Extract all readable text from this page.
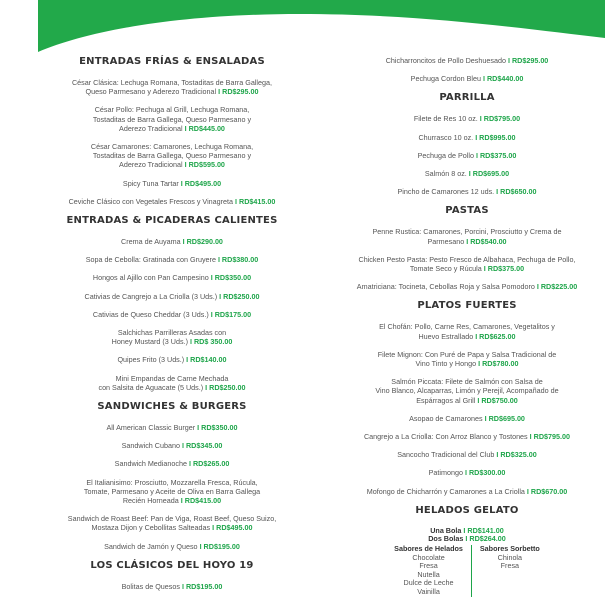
ENTRADAS FRÍAS & ENSALADAS
César Clásica: Lechuga Romana, Tostaditas de Barra Gallega,
Queso Parmesano y Aderezo Tradicional I RD$295.00
César Pollo: Pechuga al Grill, Lechuga Romana,
Tostaditas de Barra Gallega, Queso Parmesano y
Aderezo Tradicional I RD$445.00
César Camarones: Camarones, Lechuga Romana,
Tostaditas de Barra Gallega, Queso Parmesano y
Aderezo Tradicional I RD$595.00
Spicy Tuna Tartar I RD$495.00
Ceviche Clásico con Vegetales Frescos y Vinagreta I RD$415.00
ENTRADAS & PICADERAS CALIENTES
Crema de Auyama I RD$290.00
Sopa de Cebolla: Gratinada con Gruyere I RD$380.00
Hongos al Ajillo con Pan Campesino I RD$350.00
Cativias de Cangrejo a La Criolla (3 Uds.) I RD$250.00
Cativias de Queso Cheddar (3 Uds.) I RD$175.00
Salchichas Parrilleras Asadas con
Honey Mustard (3 Uds.) I RD$ 350.00
Quipes Frito (3 Uds.) I RD$140.00
Mini Empandas de Carne Mechada
con Salsita de Aguacate (5 Uds.) I RD$250.00
SANDWICHES & BURGERS
All American Classic Burger I RD$350.00
Sandwich Cubano I RD$345.00
Sandwich Medianoche I RD$265.00
El Italianisimo: Prosciutto, Mozzarella Fresca, Rúcula,
Tomate, Parmesano y Aceite de Oliva en Barra Gallega
Recién Horneada I RD$415.00
Sandwich de Roast Beef: Pan de Viga, Roast Beef, Queso Suizo,
Mostaza Dijon y Cebollitas Salteadas I RD$495.00
Sandwich de Jamón y Queso I RD$195.00
LOS CLÁSICOS DEL HOYO 19
Bolitas de Quesos I RD$195.00
Chicharroncitos de Pollo Deshuesado I RD$295.00
Pechuga Cordon Bleu I RD$440.00
PARRILLA
Filete de Res 10 oz. I RD$795.00
Churrasco 10 oz. I RD$995.00
Pechuga de Pollo I RD$375.00
Salmón 8 oz. I RD$695.00
Pincho de Camarones 12 uds. I RD$650.00
PASTAS
Penne Rustica: Camarones, Porcini, Prosciutto y Crema de
Parmesano I RD$540.00
Chicken Pesto Pasta: Pesto Fresco de Albahaca, Pechuga de Pollo,
Tomate Seco y Rúcula I RD$375.00
Amatriciana: Tocineta, Cebollas Roja y Salsa Pomodoro I RD$225.00
PLATOS FUERTES
El Chofán: Pollo, Carne Res, Camarones, Vegetalitos y
Huevo Estrallado I RD$625.00
Filete Mignon: Con Puré de Papa y Salsa Tradicional de
Vino Tinto y Hongo I RD$780.00
Salmón Piccata: Filete de Salmón con Salsa de
Vino Blanco, Alcaparras, Limón y Perejil, Acompañado de
Espárragos al Grill I RD$750.00
Asopao de Camarones I RD$695.00
Cangrejo a La Criolla: Con Arroz Blanco y Tostones I RD$795.00
Sancocho Tradicional del Club I RD$325.00
Patimongo I RD$300.00
Mofongo de Chicharrón y Camarones a La Criolla I RD$670.00
HELADOS GELATO
Una Bola I RD$141.00
Dos Bolas I RD$264.00
Sabores de Helados
Chocolate
Fresa
Nutella
Dulce de Leche
Vainilla
Sabores Sorbetto
Chinola
Fresa
